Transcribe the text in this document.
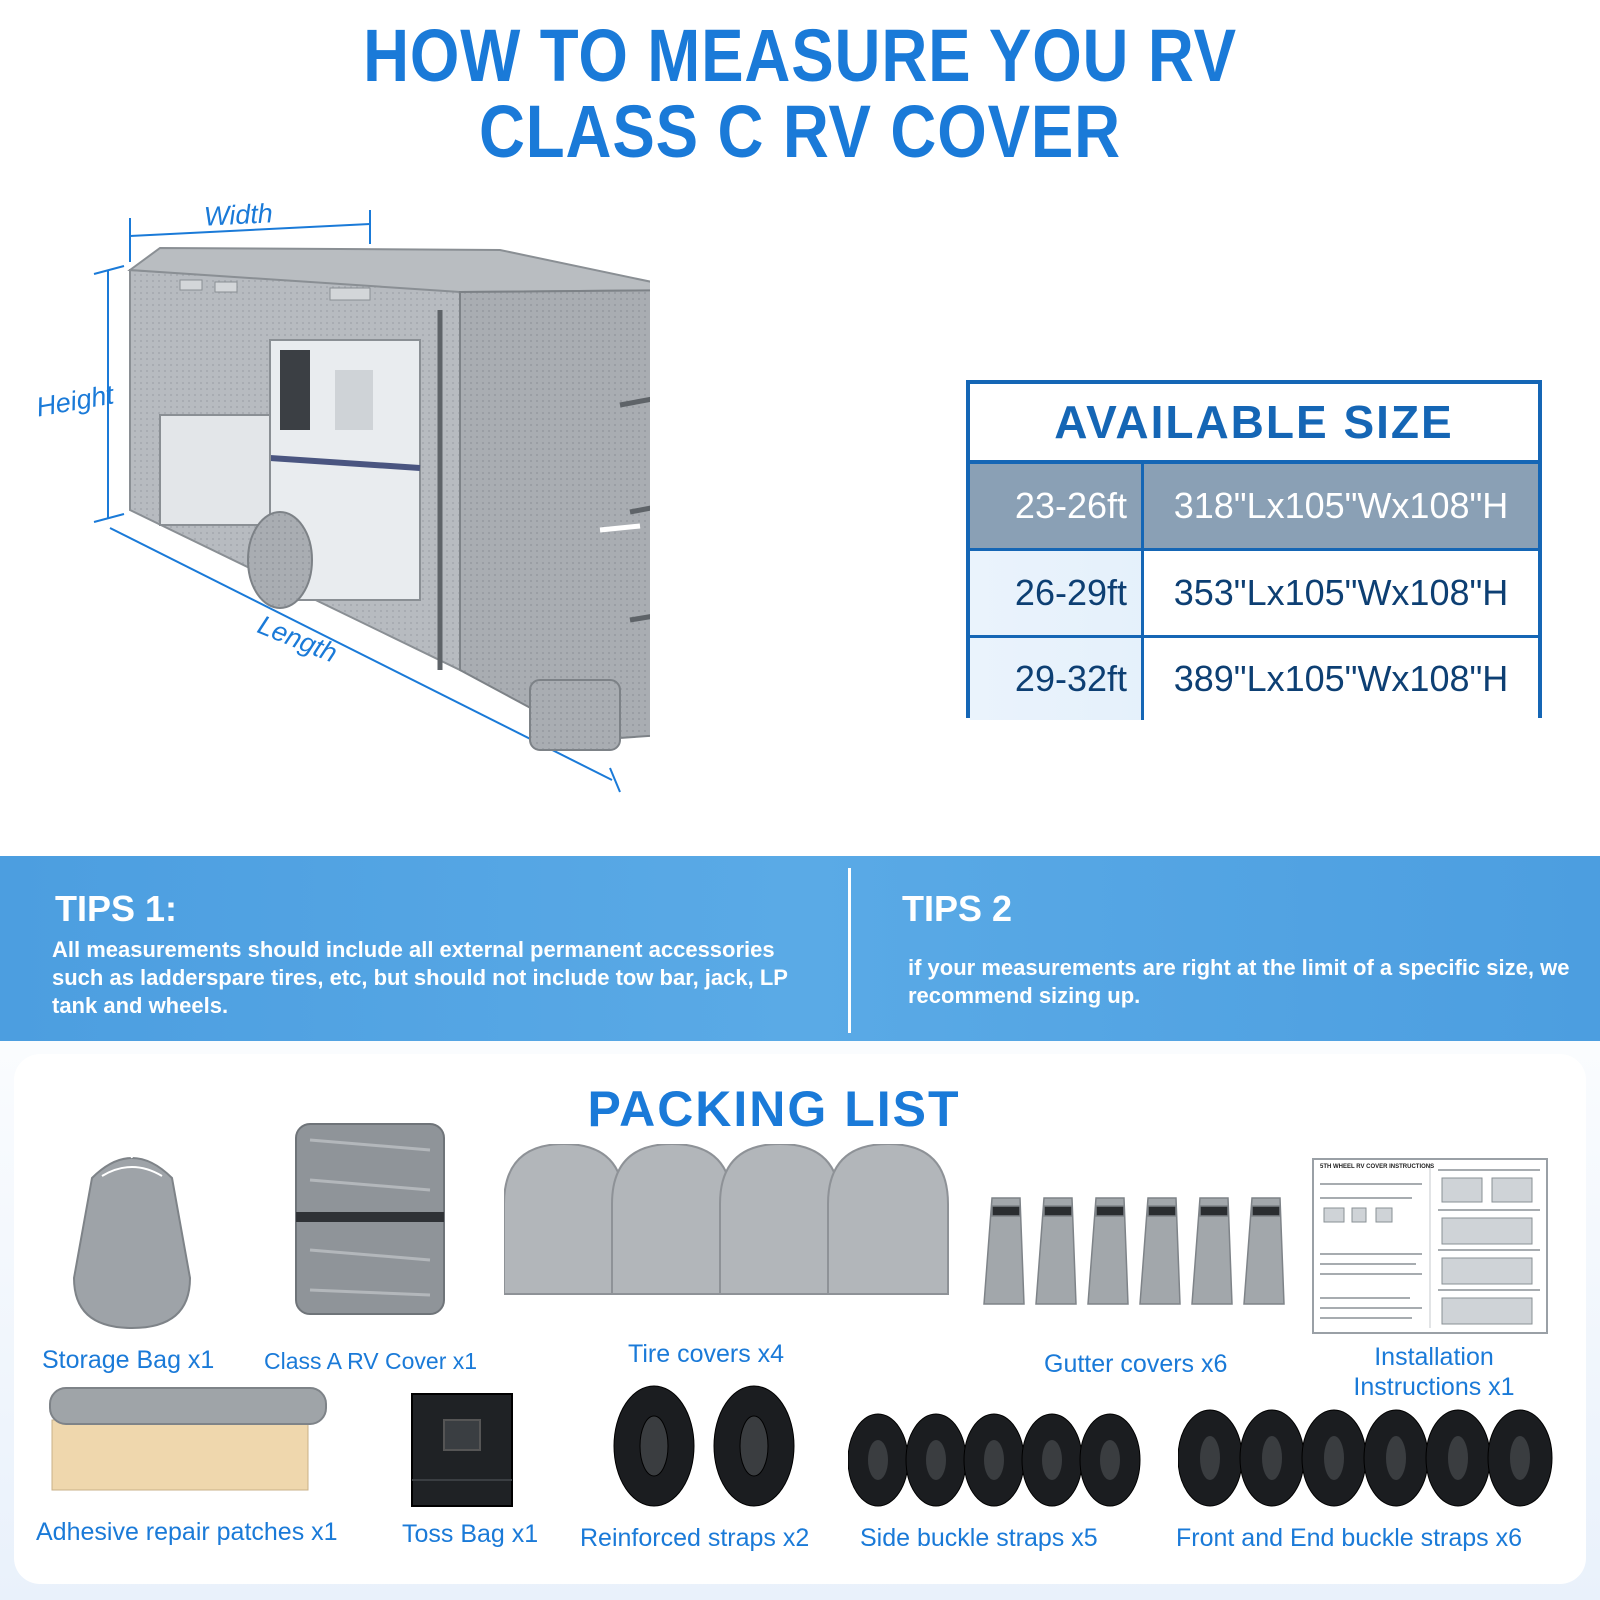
HOW TO MEASURE YOU RV
CLASS C RV COVER
Width
Height
Length
AVAILABLE SIZE
23-26ft	318"Lx105"Wx108"H
26-29ft	353"Lx105"Wx108"H
29-32ft	389"Lx105"Wx108"H
TIPS 1:
All measurements should include all external permanent accessories such as ladderspare tires, etc, but should not include tow bar, jack, LP tank and wheels.
TIPS 2
if your measurements are right at the limit of a specific size, we recommend sizing up.
PACKING LIST
5TH WHEEL RV COVER INSTRUCTIONS
Storage Bag x1 Class A RV Cover x1	Tire covers x4	Gutter covers x6	Installation Instructions x1
Adhesive repair patches x1	Toss Bag x1 Reinforced straps x2 Side buckle straps x5	Front and End buckle straps x6
